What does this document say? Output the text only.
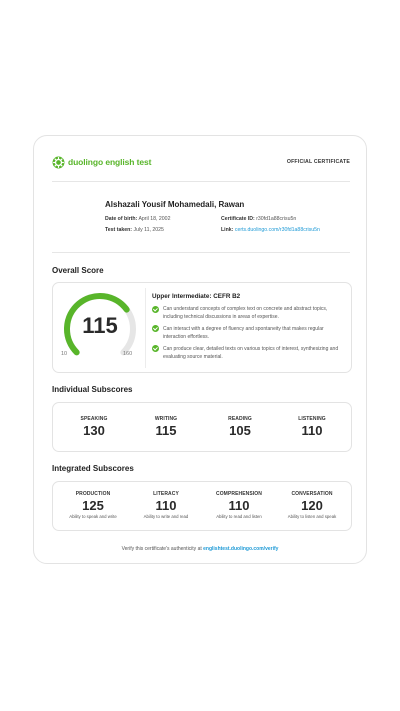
duolingo english test	OFFICIAL CERTIFICATE
Alshazali Yousif Mohamedali, Rawan
Date of birth: April 18, 2002
Test taken: July 11, 2025
Certificate ID: r30fd1a88crisu5n
Link: certs.duolingo.com/r30fd1a88crisu5n
Overall Score
115
10	160
Upper Intermediate: CEFR B2
Can understand concepts of complex text on concrete and abstract topics, including technical discussions in areas of expertise.
Can interact with a degree of fluency and spontaneity that makes regular interaction effortless.
Can produce clear, detailed texts on various topics of interest, synthesizing and evaluating source material.
Individual Subscores
SPEAKING
130
WRITING
115
READING
105
LISTENING
110
Integrated Subscores
PRODUCTION
125
Ability to speak and write
LITERACY
110
Ability to write and read
COMPREHENSION
110
Ability to read and listen
CONVERSATION
120
Ability to listen and speak
Verify this certificate's authenticity at englishtest.duolingo.com/verify
